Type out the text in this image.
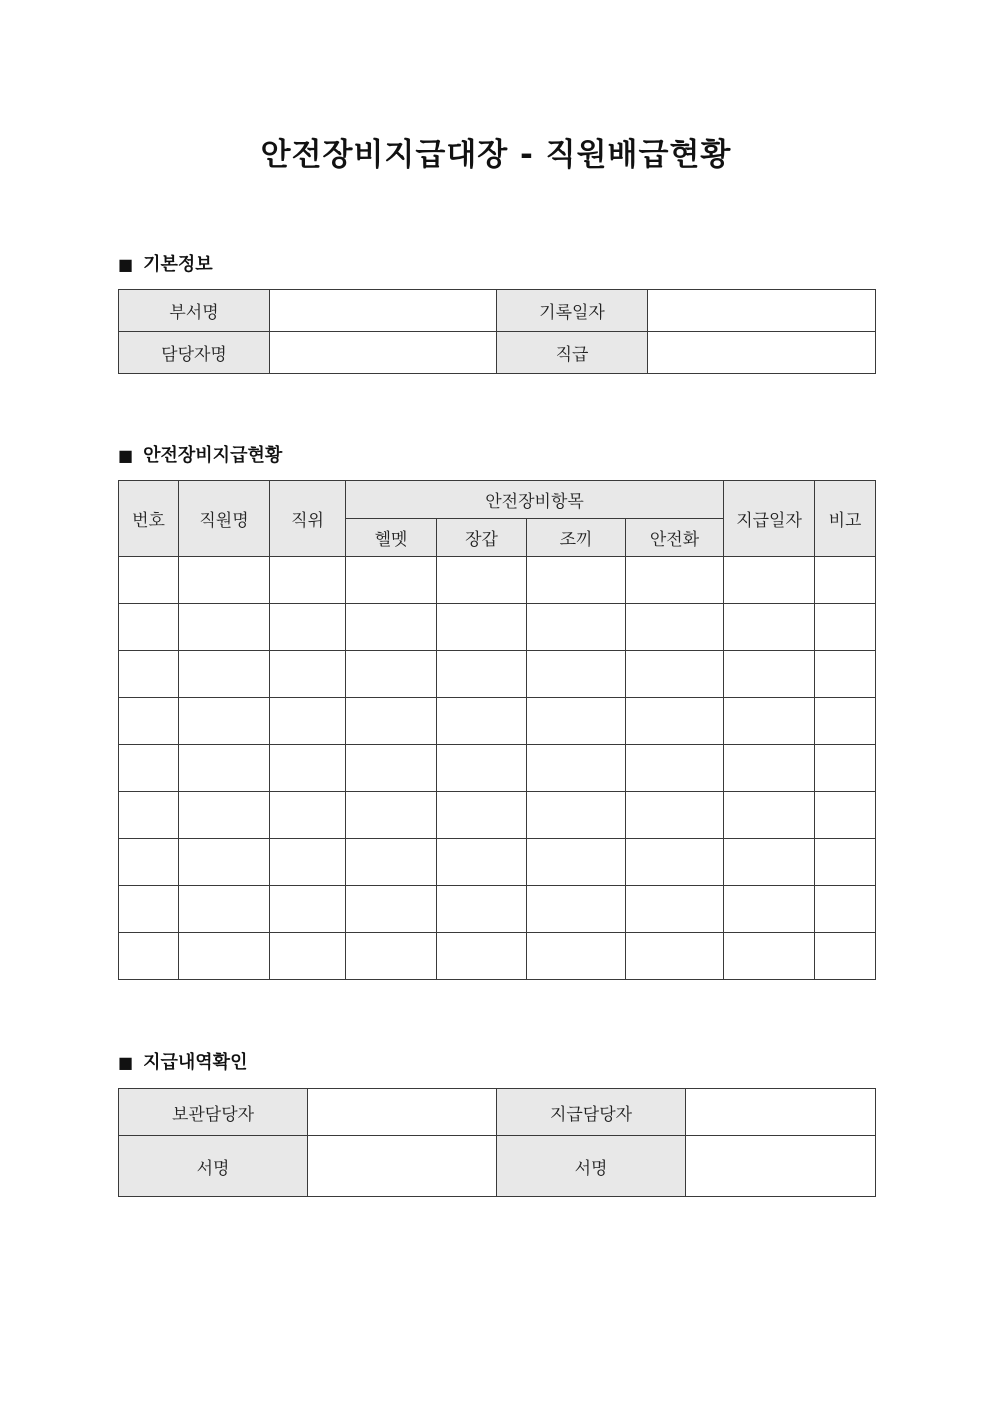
안전장비지급대장 - 직원배급현황
■ 기본정보
부서명		기록일자	
담당자명		직급	
■ 안전장비지급현황
번호	직원명	직위	안전장비항목				지급일자	비고
			헬멧	장갑	조끼	안전화		

■ 지급내역확인
보관담당자		지급담당자	
서명		서명	
